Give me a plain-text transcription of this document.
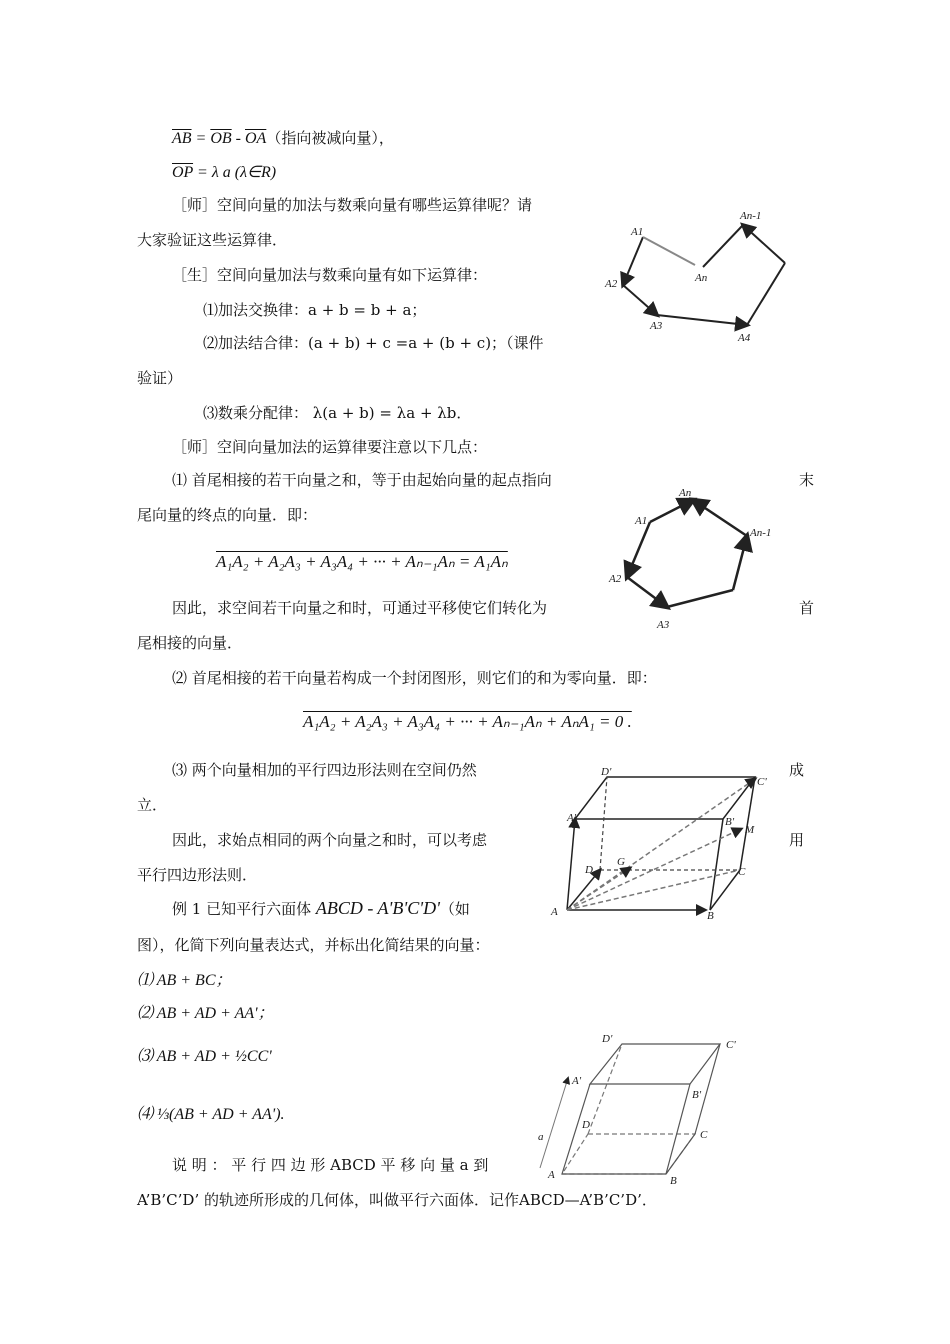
$\overline{AB} = \overline{OB} - \overline{OA}$（指向被减向量），
$\overline{OP} = \lambda$ a (λ∈R)
［师］空间向量的加法与数乘向量有哪些运算律呢？请
大家验证这些运算律．
［生］空间向量加法与数乘向量有如下运算律：
⑴加法交换律：a + b = b + a；
⑵加法结合律：(a + b) + c =a + (b + c)；（课件
验证）
⑶数乘分配律： λ(a + b) = λa + λb．
［师］空间向量加法的运算律要注意以下几点：
⑴ 首尾相接的若干向量之和，等于由起始向量的起点指向	末
尾向量的终点的向量．即：
A₁A₂ + A₂A₃ + A₃A₄ + ··· + Aₙ₋₁Aₙ = A₁Aₙ
因此，求空间若干向量之和时，可通过平移使它们转化为	首
尾相接的向量．
⑵ 首尾相接的若干向量若构成一个封闭图形，则它们的和为零向量．即：
A₁A₂ + A₂A₃ + A₃A₄ + ··· + Aₙ₋₁Aₙ + AₙA₁ = 0 .
⑶ 两个向量相加的平行四边形法则在空间仍然	成
立．
因此，求始点相同的两个向量之和时，可以考虑	用
平行四边形法则．
例 1 已知平行六面体 ABCD - A'B'C'D'（如
图），化简下列向量表达式，并标出化简结果的向量：
⑴ AB + BC；
⑵ AB + AD + AA'；
⑶ AB + AD + ½CC'
⑷ ⅓(AB + AD + AA').
说 明 ： 平 行 四 边 形 ABCD 平 移 向 量 a 到
A’B’C’D’ 的轨迹所形成的几何体，叫做平行六面体．记作ABCD—A’B’C’D’．
A1
An-1
An
A2
A3
A4
A1
An
An-1
A2
A3
D'
C'
A'	B'
M
D
G
C
A	B
a
D'	C'
A'
B'
D
C
A	B
